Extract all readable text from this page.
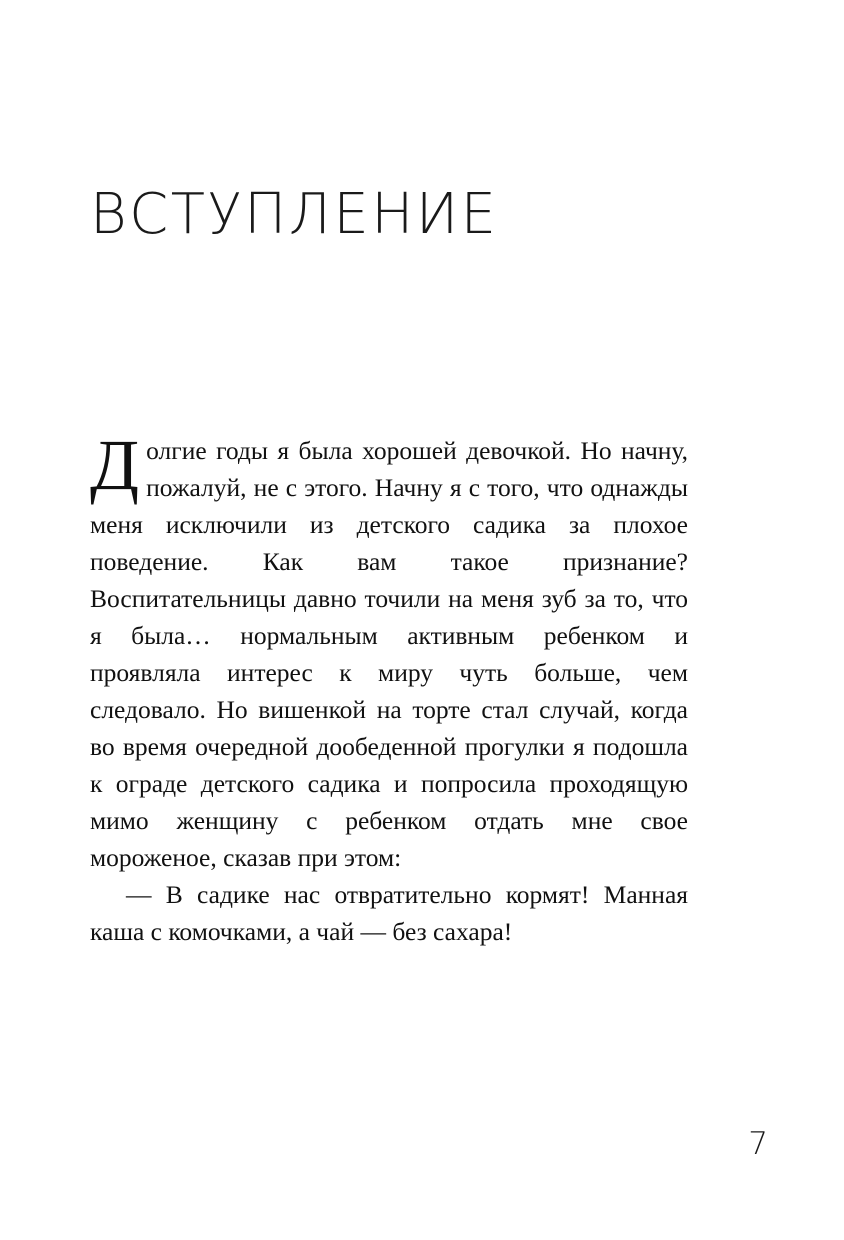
ВСТУПЛЕНИЕ

Долгие годы я была хорошей девочкой. Но начну, пожалуй, не с этого. Начну я с того, что однажды меня исключили из детского садика за плохое поведение. Как вам такое признание? Воспитательницы давно точили на меня зуб за то, что я была… нормальным активным ребенком и проявляла интерес к миру чуть больше, чем следовало. Но вишенкой на торте стал случай, когда во время очередной дообеденной прогулки я подошла к ограде детского садика и попросила проходящую мимо женщину с ребенком отдать мне свое мороженое, сказав при этом:

— В садике нас отвратительно кормят! Манная каша с комочками, а чай — без сахара!

7
